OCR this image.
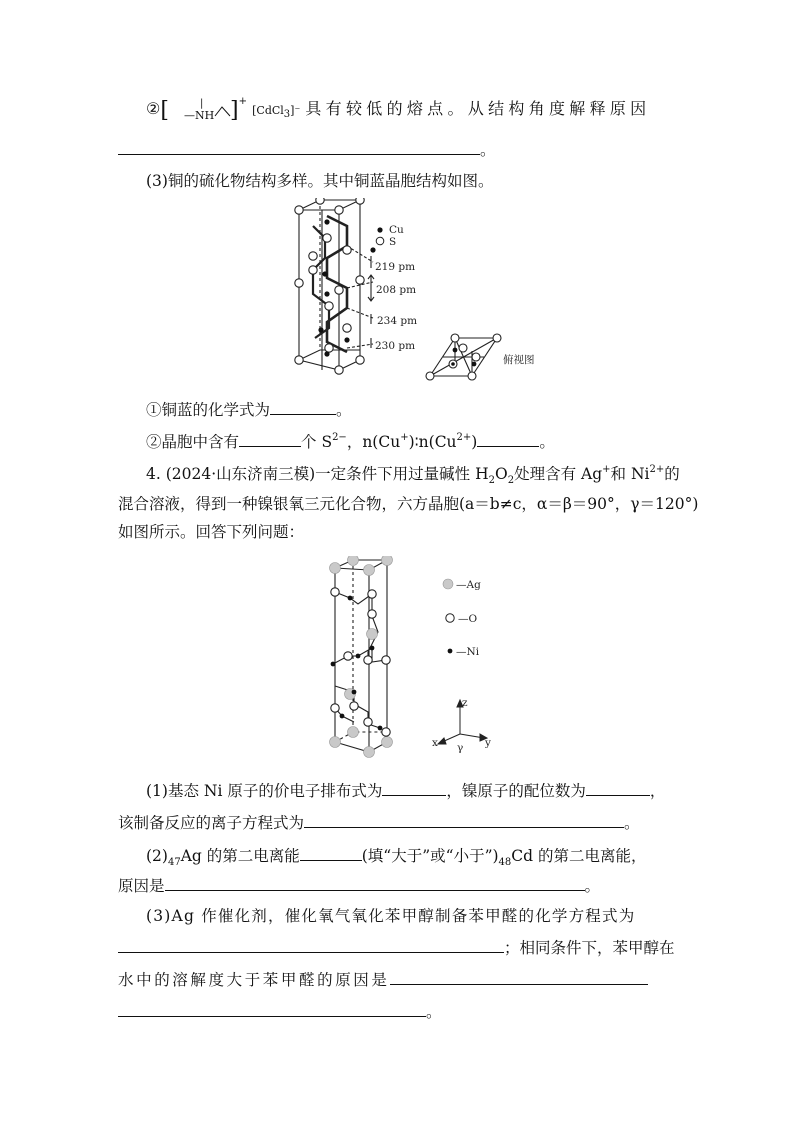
②[	|
—NH ]+ [CdCl$_3$]⁻ 具有较低的熔点。从结构角度解释原因
。
(3)铜的硫化物结构多样。其中铜蓝晶胞结构如图。
Cu
S
219 pm
208 pm
234 pm
230 pm
俯视图
①铜蓝的化学式为	。
②晶胞中含有	个 $S^{2-}$，$n(Cu^+)∶n(Cu^{2+})$	。
4. (2024·山东济南三模)一定条件下用过量碱性 $H_2O_2$处理含有 Ag+和 $Ni^{2+}$的
混合溶液，得到一种镍银氧三元化合物，六方晶胞(a＝b≠c，α＝β＝90°，γ＝120°)
如图所示。回答下列问题：
—Ag
—O
—Ni
z
x	y
γ
(1)基态 Ni 原子的价电子排布式为	，镍原子的配位数为	，
该制备反应的离子方程式为	。
$(2)_{47}Ag$ 的第二电离能	(填“大于”或“小于$”)_{48}Cd$ 的第二电离能，
原因是	。
(3)Ag 作催化剂，催化氧气氧化苯甲醇制备苯甲醛的化学方程式为
；相同条件下，苯甲醇在
水中的溶解度大于苯甲醛的原因是
。
